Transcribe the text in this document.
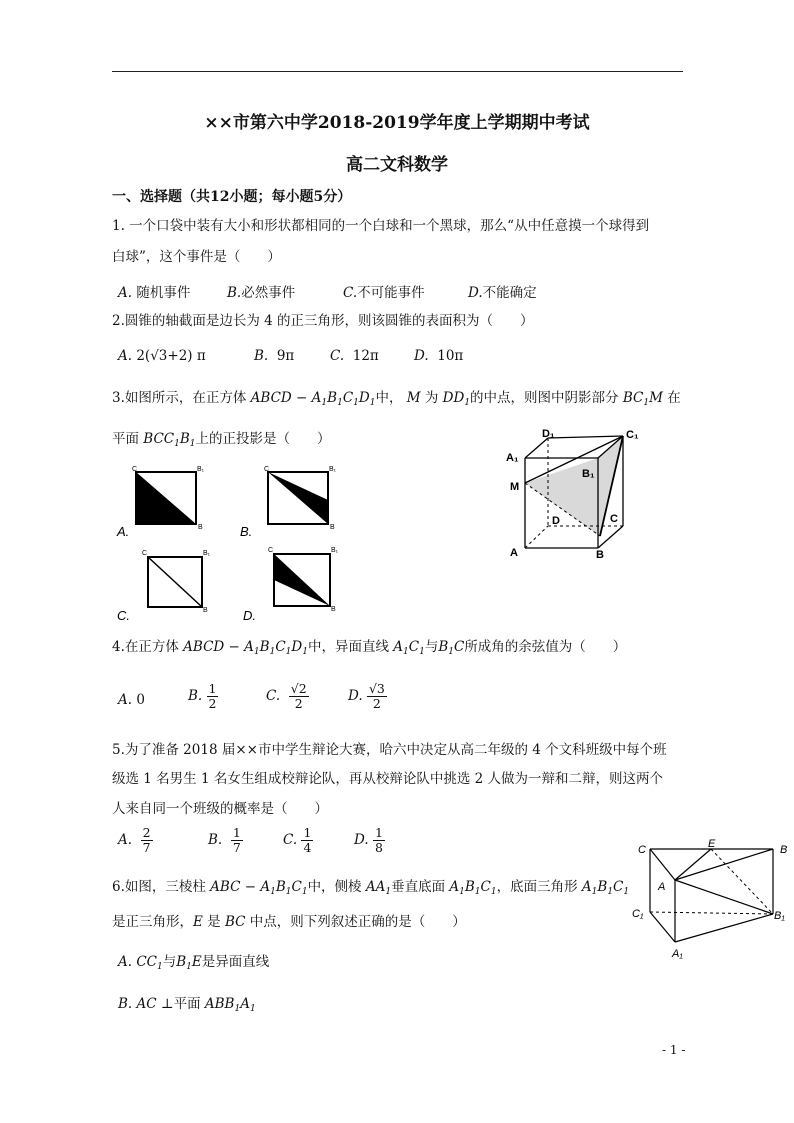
××市第六中学2018-2019学年度上学期期中考试
高二文科数学
一、选择题（共12小题；每小题5分）
1. 一个口袋中装有大小和形状都相同的一个白球和一个黑球，那么“从中任意摸一个球得到
白球”，这个事件是（　　）
A. 随机事件	B.必然事件	C.不可能事件	D.不能确定
2.圆锥的轴截面是边长为 4 的正三角形，则该圆锥的表面积为（　　）
A. 2(√3+2) π	B. 9π	C. 12π	D. 10π
3.如图所示，在正方体 ABCD − $A_1B_1C_1D_1$中， M 为 $DD_1$的中点，则图中阴影部分 $BC_1M$ 在
平面 $BCC_1B_1$上的正投影是（　　）
C	B₁
B
A.
C	B₁
B
B.
C	B₁
B
C.
C	B₁
B
D.
D₁	C₁
A₁
B₁
M
D	C
A	B
4.在正方体 ABCD − $A_1B_1C_1D_1$中，异面直线 $A_1C_1$与$B_1C$所成角的余弦值为（　　）
A. 0	B. $\frac{1}{2}$	C. $\frac{√2}{2}$	D. $\frac{√3}{2}$
5.为了准备 2018 届××市中学生辩论大赛，哈六中决定从高二年级的 4 个文科班级中每个班
级选 1 名男生 1 名女生组成校辩论队，再从校辩论队中挑选 2 人做为一辩和二辩，则这两个
人来自同一个班级的概率是（　　）
A. $\frac{2}{7}$	B. $\frac{1}{7}$	C. $\frac{1}{4}$	D. $\frac{1}{8}$
6.如图，三棱柱 ABC − $A_1B_1C_1$中，侧棱 $AA_1$垂直底面 $A_1B_1C_1$，底面三角形 $A_1B_1C_1$
是正三角形，E 是 BC 中点，则下列叙述正确的是（　　）
A. $CC_1$与$B_1E$是异面直线
B. AC ⊥平面 $ABB_1A_1$
C	E	B
A
C₁	B₁
A₁
- 1 -
